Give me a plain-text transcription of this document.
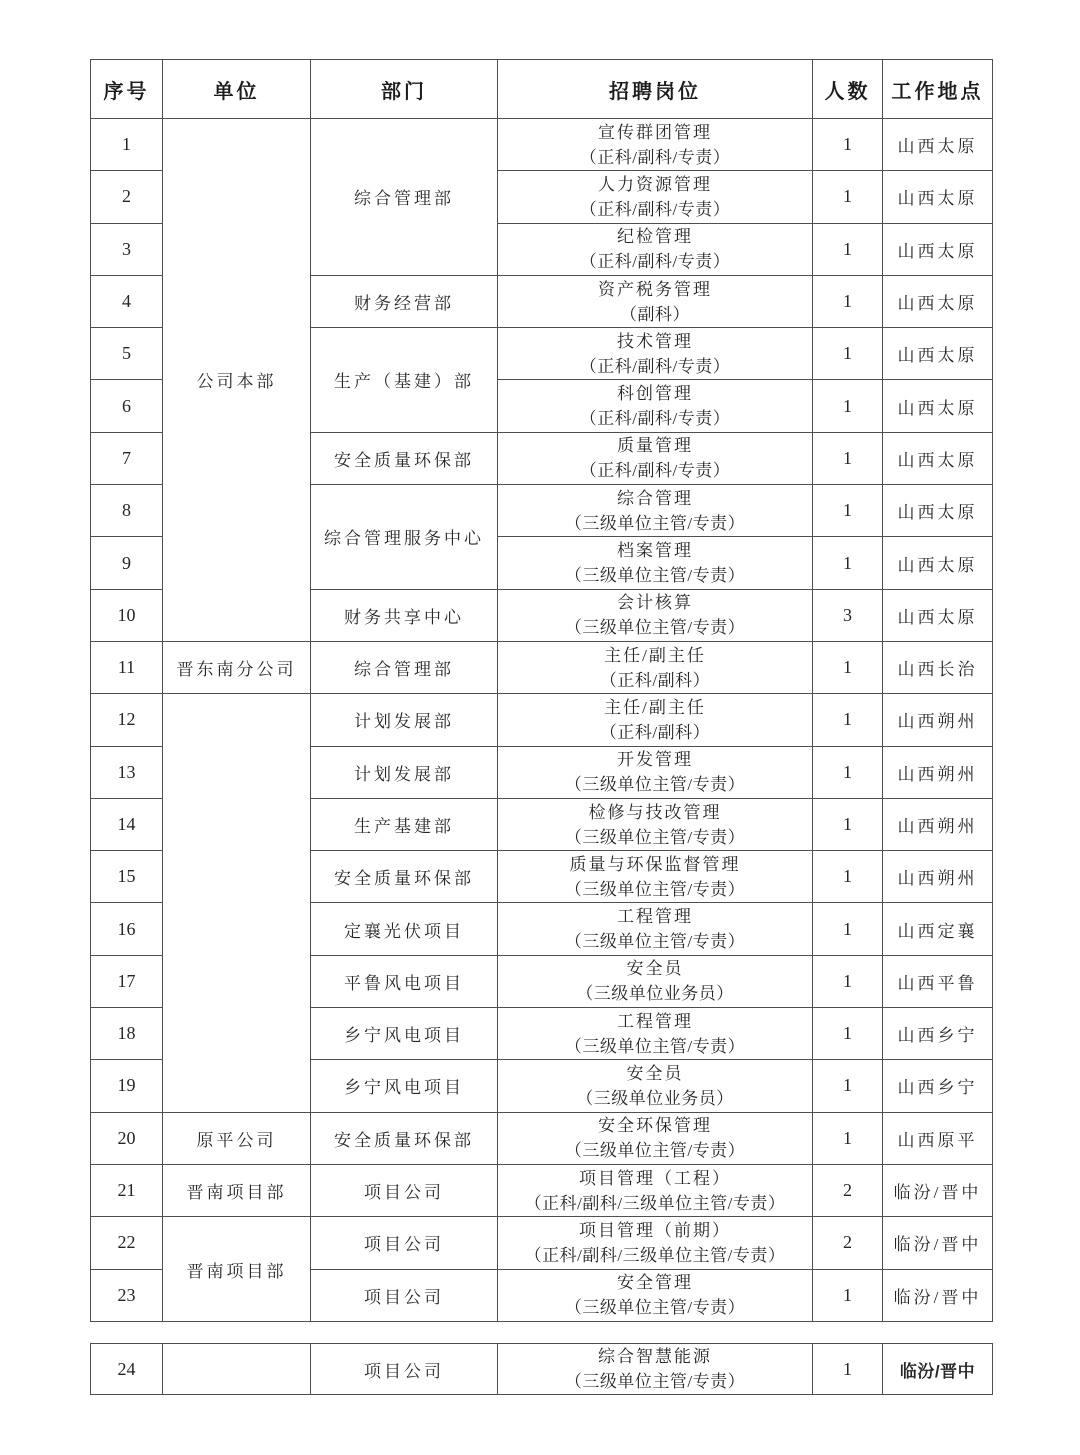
序号	单位	部门	招聘岗位	人数	工作地点
1	公司本部	综合管理部	宣传群团管理
（正科/副科/专责）	1	山西太原
2			人力资源管理
（正科/副科/专责）	1	山西太原
3			纪检管理
（正科/副科/专责）	1	山西太原
4		财务经营部	资产税务管理
（副科）	1	山西太原
5		生产（基建）部	技术管理
（正科/副科/专责）	1	山西太原
6			科创管理
（正科/副科/专责）	1	山西太原
7		安全质量环保部	质量管理
（正科/副科/专责）	1	山西太原
8		综合管理服务中心	综合管理
（三级单位主管/专责）	1	山西太原
9			档案管理
（三级单位主管/专责）	1	山西太原
10		财务共享中心	会计核算
（三级单位主管/专责）	3	山西太原
11	晋东南分公司	综合管理部	主任/副主任
（正科/副科）	1	山西长治
12		计划发展部	主任/副主任
（正科/副科）	1	山西朔州
13		计划发展部	开发管理
（三级单位主管/专责）	1	山西朔州
14		生产基建部	检修与技改管理
（三级单位主管/专责）	1	山西朔州
15		安全质量环保部	质量与环保监督管理
（三级单位主管/专责）	1	山西朔州
16		定襄光伏项目	工程管理
（三级单位主管/专责）	1	山西定襄
17		平鲁风电项目	安全员
（三级单位业务员）	1	山西平鲁
18		乡宁风电项目	工程管理
（三级单位主管/专责）	1	山西乡宁
19		乡宁风电项目	安全员
（三级单位业务员）	1	山西乡宁
20	原平公司	安全质量环保部	安全环保管理
（三级单位主管/专责）	1	山西原平
21	晋南项目部	项目公司	项目管理（工程）
（正科/副科/三级单位主管/专责）	2	临汾/晋中
22	晋南项目部	项目公司	项目管理（前期）
（正科/副科/三级单位主管/专责）	2	临汾/晋中
23		项目公司	安全管理
（三级单位主管/专责）	1	临汾/晋中
24		项目公司	
综合智慧能源
（三级单位主管/专责）
	1	临汾/晋中
